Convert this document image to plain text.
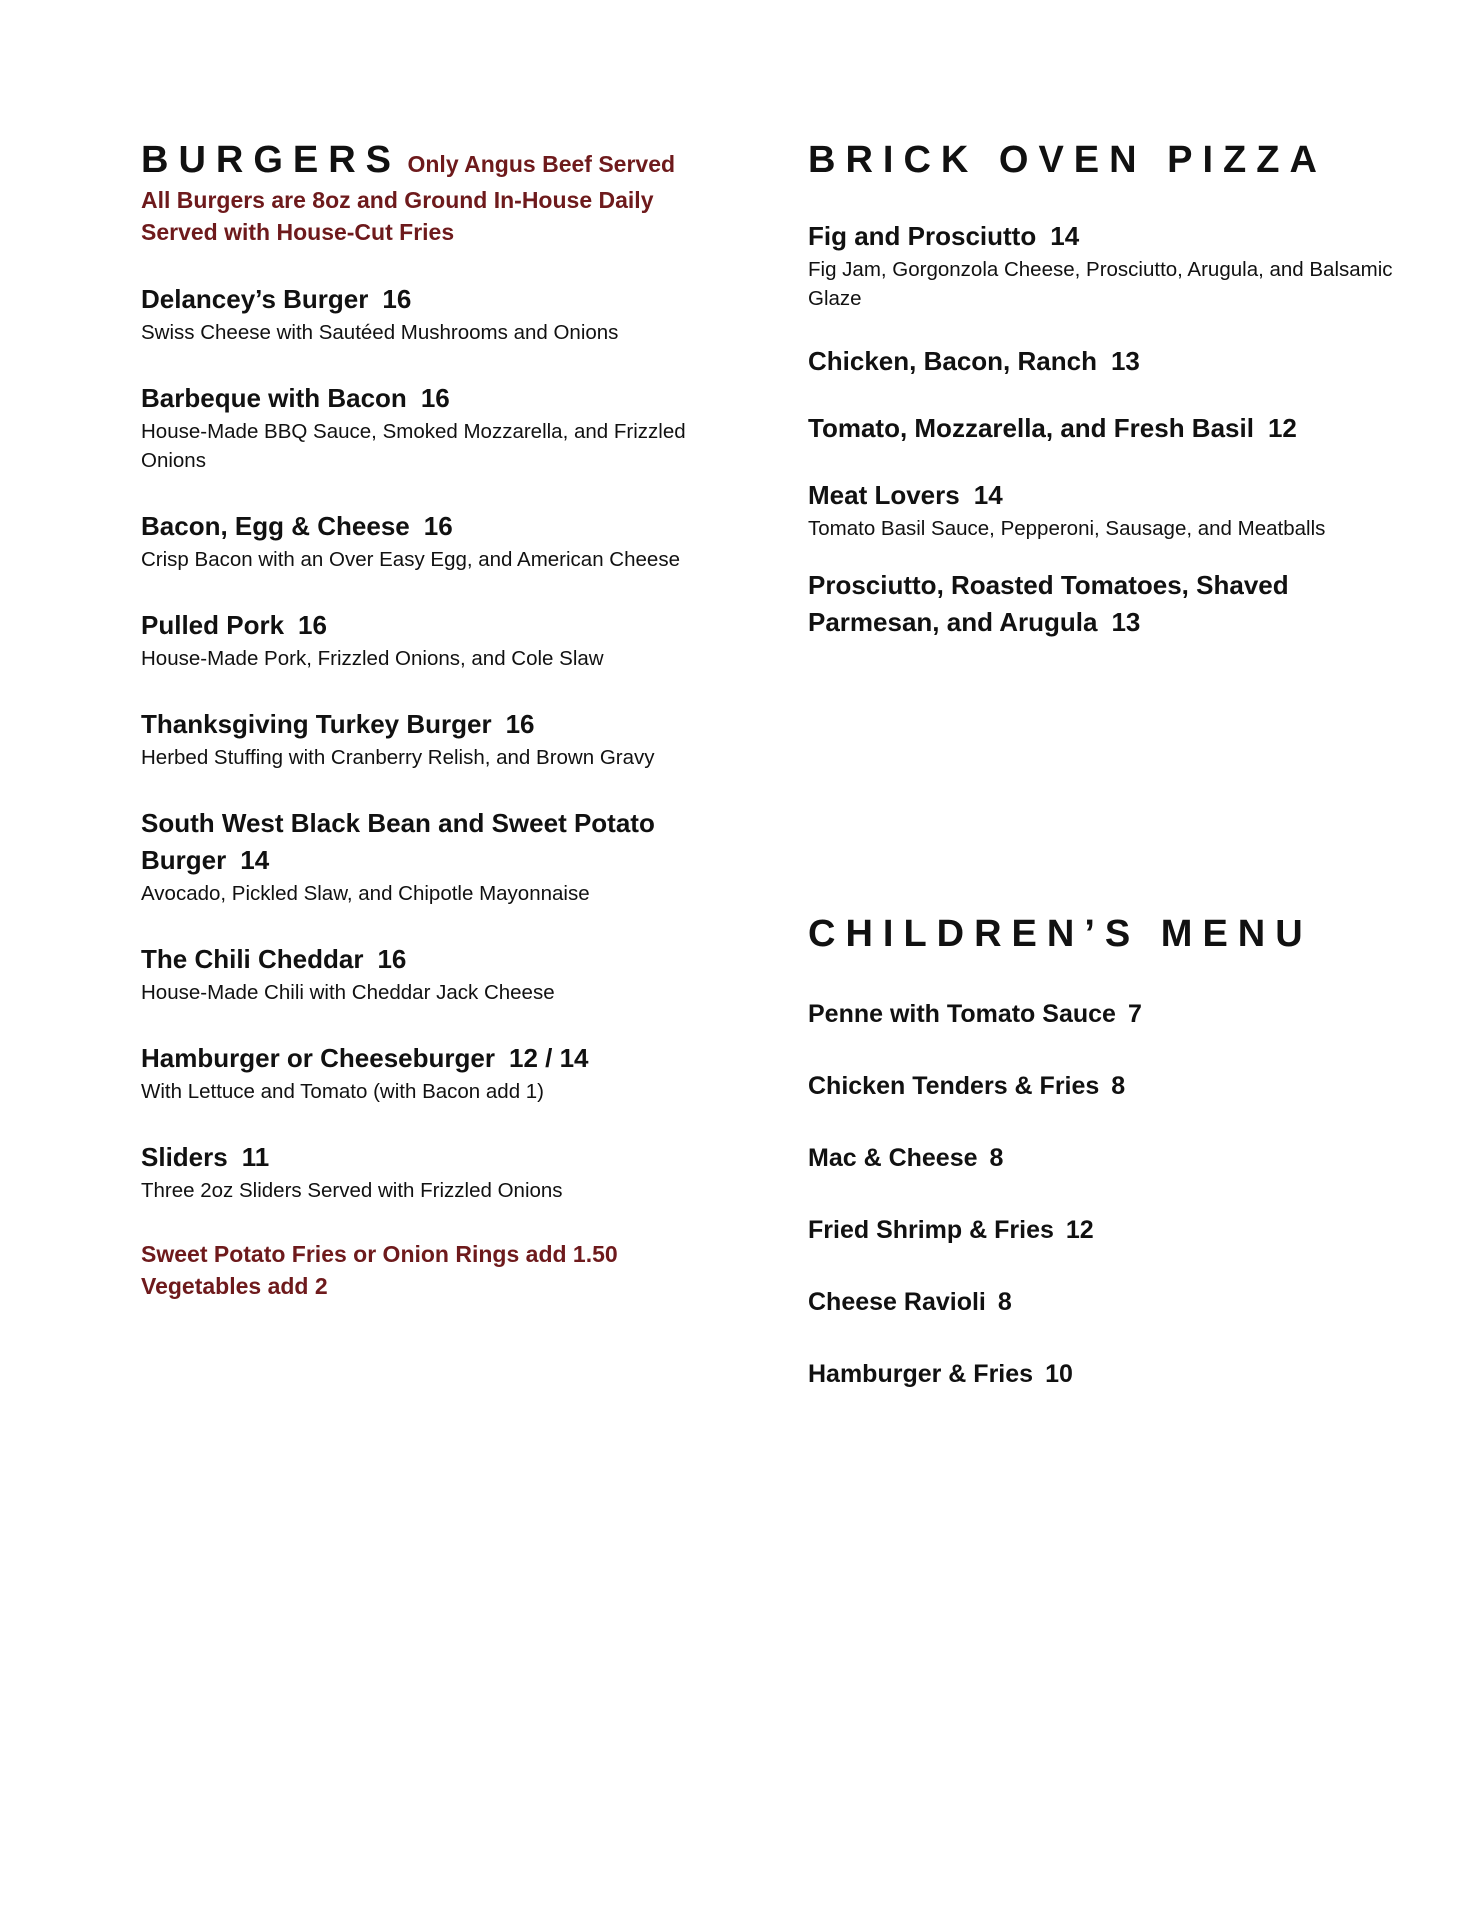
BURGERS Only Angus Beef Served
All Burgers are 8oz and Ground In-House Daily
Served with House-Cut Fries
Delancey’s Burger 16
Swiss Cheese with Sautéed Mushrooms and Onions
Barbeque with Bacon 16
House-Made BBQ Sauce, Smoked Mozzarella, and Frizzled Onions
Bacon, Egg & Cheese 16
Crisp Bacon with an Over Easy Egg, and American Cheese
Pulled Pork 16
House-Made Pork, Frizzled Onions, and Cole Slaw
Thanksgiving Turkey Burger 16
Herbed Stuffing with Cranberry Relish, and Brown Gravy
South West Black Bean and Sweet Potato Burger 14
Avocado, Pickled Slaw, and Chipotle Mayonnaise
The Chili Cheddar 16
House-Made Chili with Cheddar Jack Cheese
Hamburger or Cheeseburger 12 / 14
With Lettuce and Tomato (with Bacon add 1)
Sliders 11
Three 2oz Sliders Served with Frizzled Onions
Sweet Potato Fries or Onion Rings add 1.50
Vegetables add 2
BRICK OVEN PIZZA
Fig and Prosciutto 14
Fig Jam, Gorgonzola Cheese, Prosciutto, Arugula, and Balsamic Glaze
Chicken, Bacon, Ranch 13
Tomato, Mozzarella, and Fresh Basil 12
Meat Lovers 14
Tomato Basil Sauce, Pepperoni, Sausage, and Meatballs
Prosciutto, Roasted Tomatoes, Shaved Parmesan, and Arugula 13
CHILDREN’S MENU
Penne with Tomato Sauce 7
Chicken Tenders & Fries 8
Mac & Cheese 8
Fried Shrimp & Fries 12
Cheese Ravioli 8
Hamburger & Fries 10
